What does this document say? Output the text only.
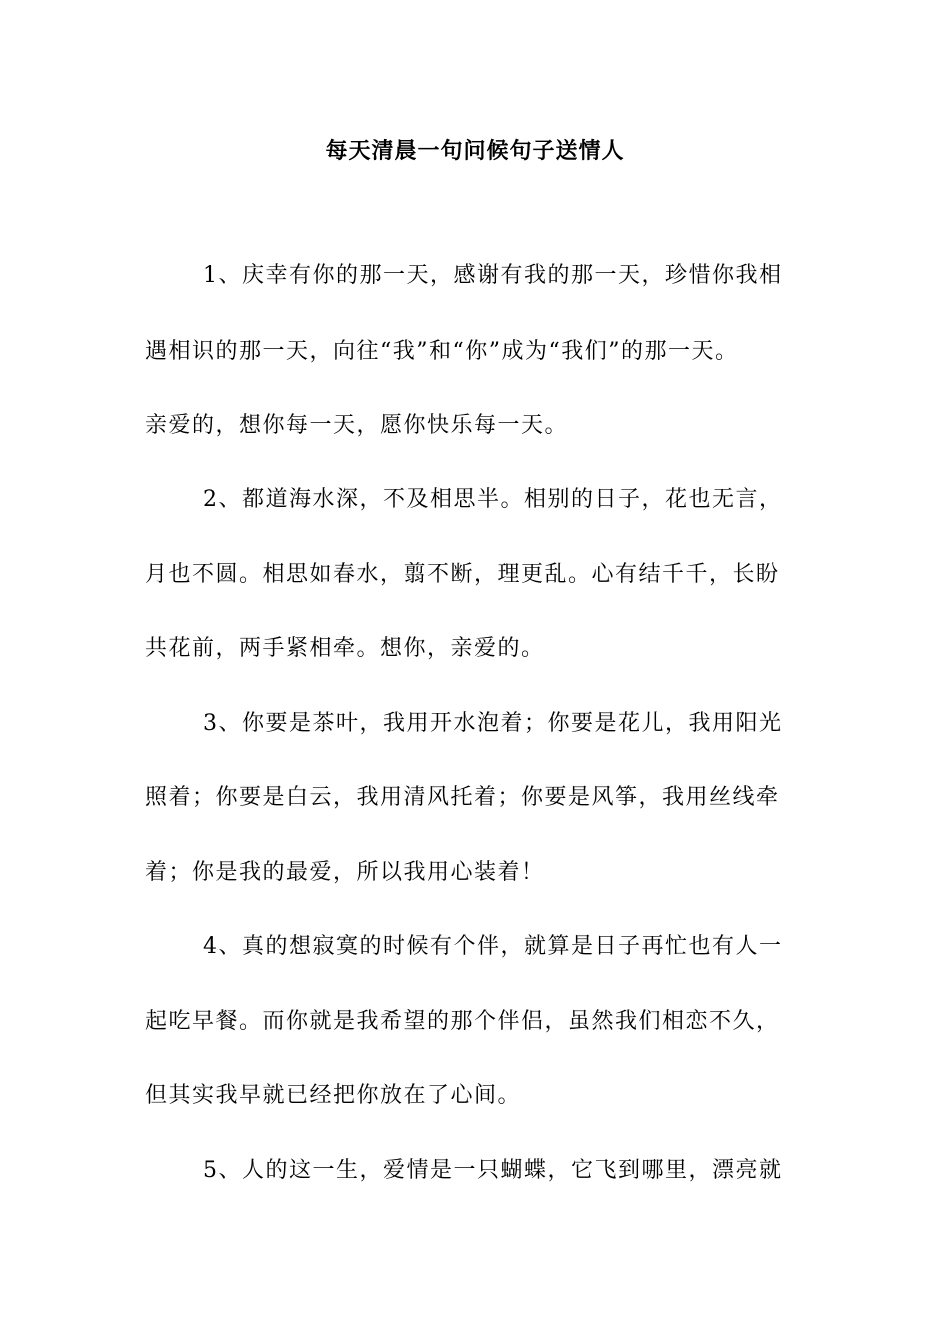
每天清晨一句问候句子送情人
1、庆幸有你的那一天，感谢有我的那一天，珍惜你我相
遇相识的那一天，向往“我”和“你”成为“我们”的那一天。
亲爱的，想你每一天，愿你快乐每一天。
2、都道海水深，不及相思半。相别的日子，花也无言，
月也不圆。相思如春水，翦不断，理更乱。心有结千千，长盼
共花前，两手紧相牵。想你，亲爱的。
3、你要是茶叶，我用开水泡着；你要是花儿，我用阳光
照着；你要是白云，我用清风托着；你要是风筝，我用丝线牵
着；你是我的最爱，所以我用心装着！
4、真的想寂寞的时候有个伴，就算是日子再忙也有人一
起吃早餐。而你就是我希望的那个伴侣，虽然我们相恋不久，
但其实我早就已经把你放在了心间。
5、人的这一生，爱情是一只蝴蝶，它飞到哪里，漂亮就
